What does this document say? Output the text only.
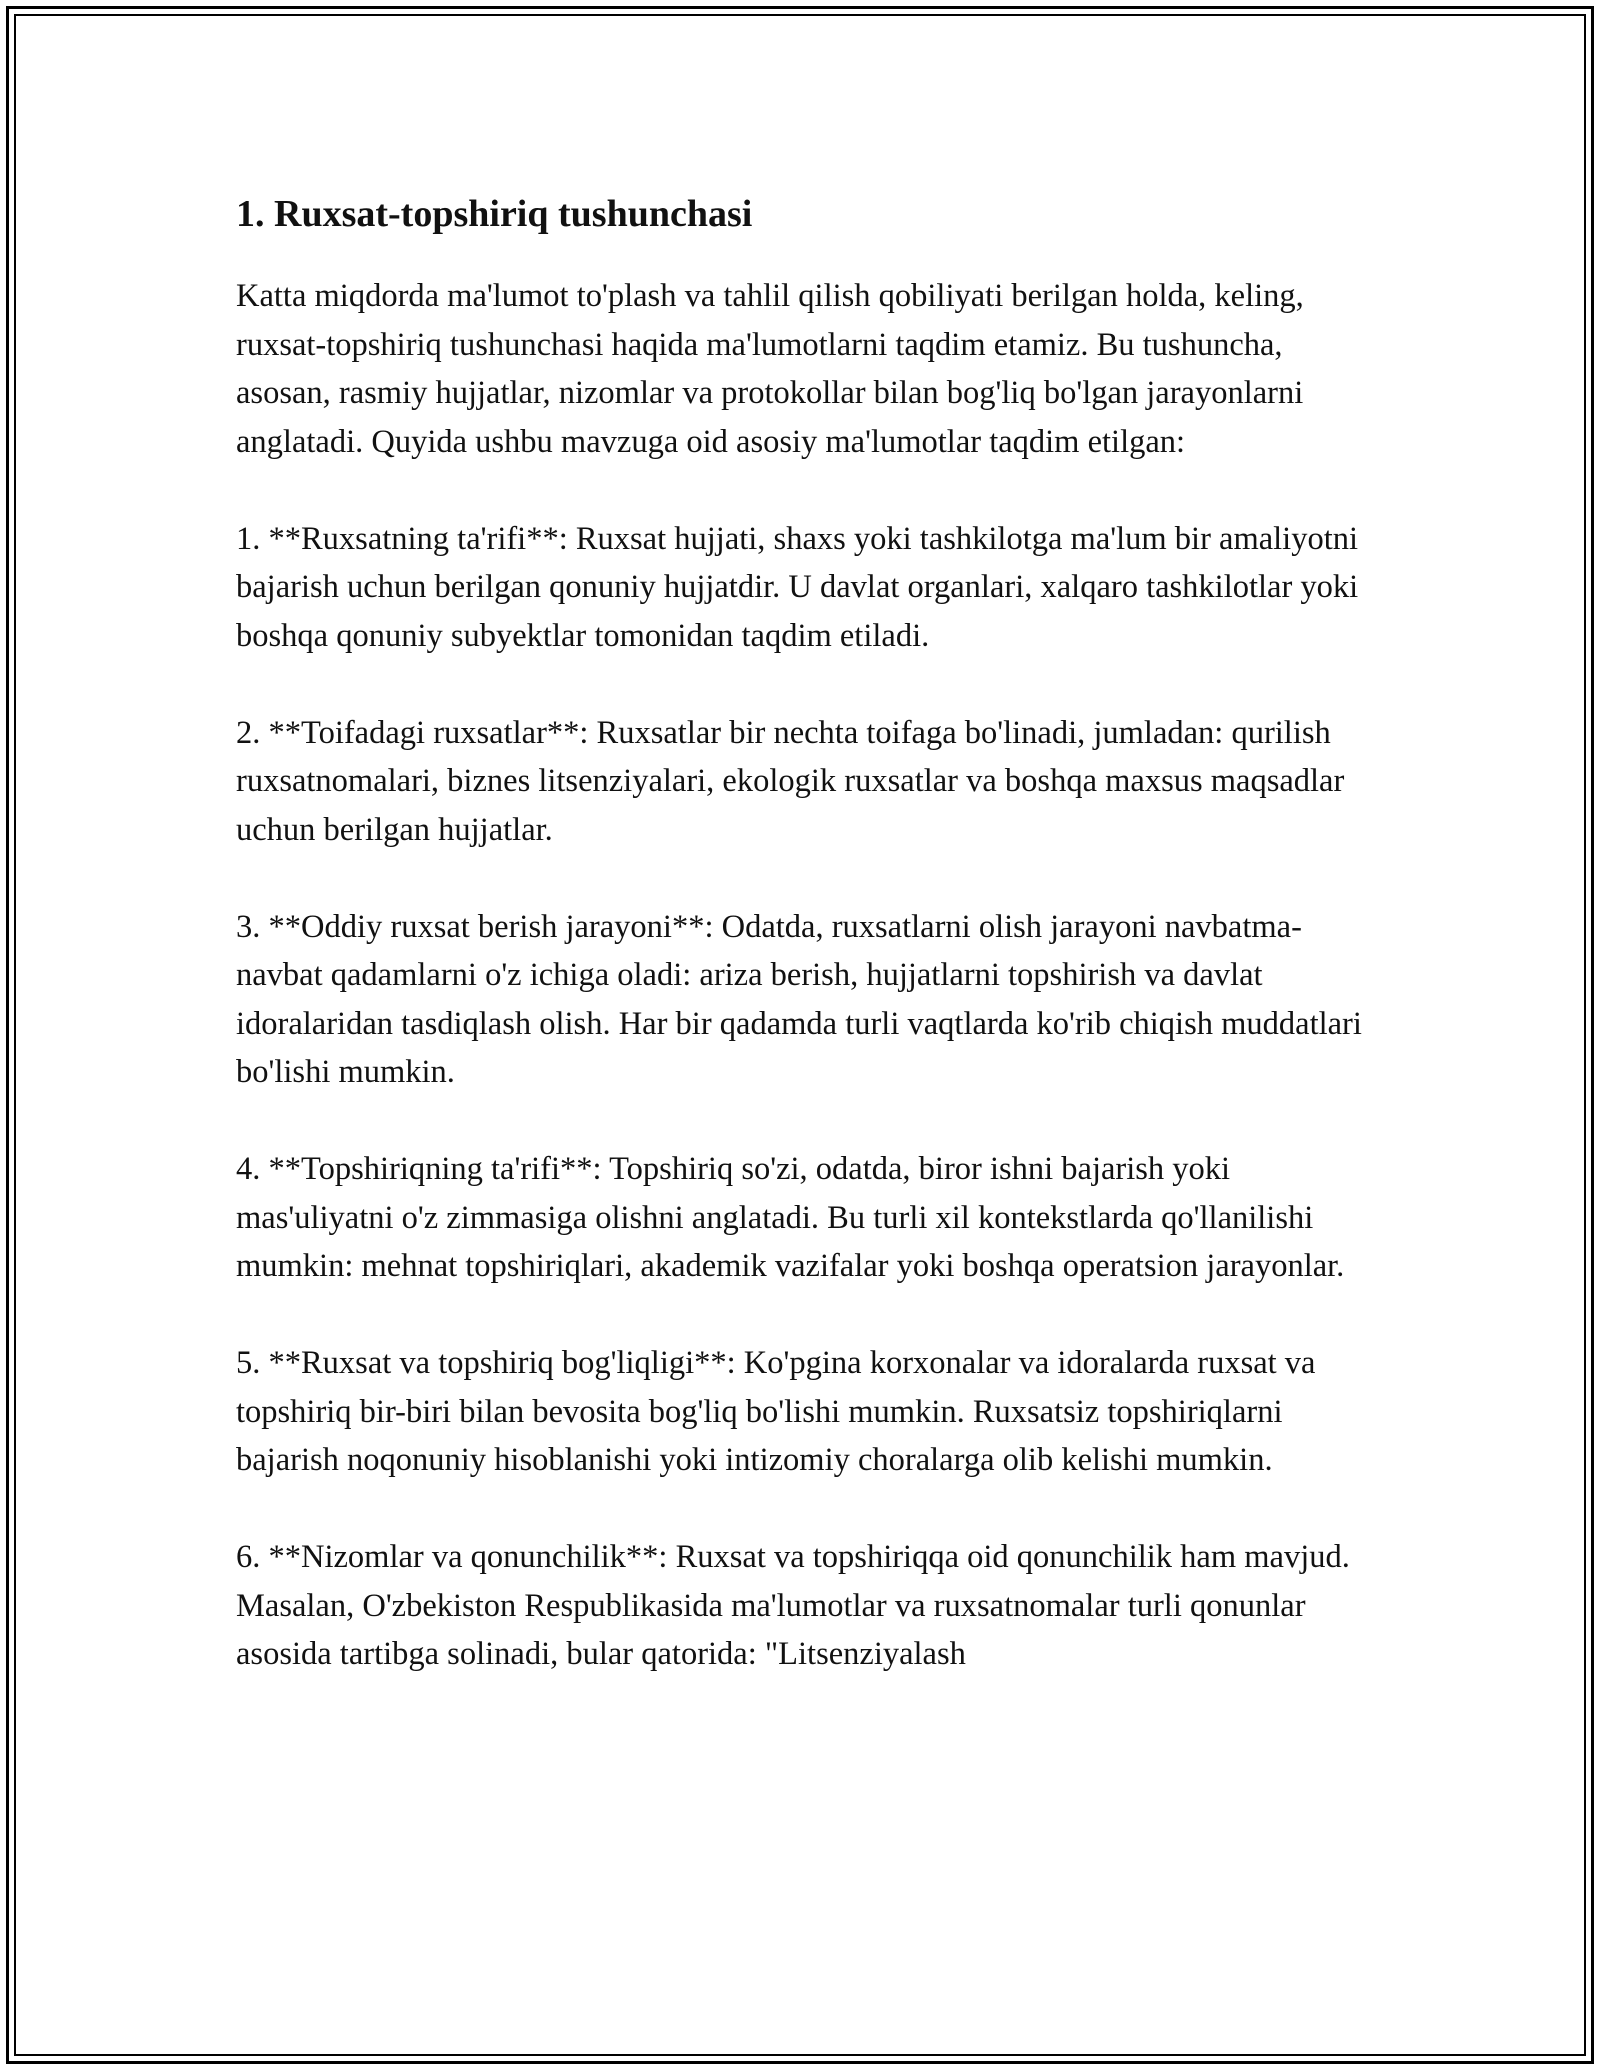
1. Ruxsat-topshiriq tushunchasi

Katta miqdorda ma'lumot to'plash va tahlil qilish qobiliyati berilgan holda, keling, ruxsat-topshiriq tushunchasi haqida ma'lumotlarni taqdim etamiz. Bu tushuncha, asosan, rasmiy hujjatlar, nizomlar va protokollar bilan bog'liq bo'lgan jarayonlarni anglatadi. Quyida ushbu mavzuga oid asosiy ma'lumotlar taqdim etilgan:

1. **Ruxsatning ta'rifi**: Ruxsat hujjati, shaxs yoki tashkilotga ma'lum bir amaliyotni bajarish uchun berilgan qonuniy hujjatdir. U davlat organlari, xalqaro tashkilotlar yoki boshqa qonuniy subyektlar tomonidan taqdim etiladi.

2. **Toifadagi ruxsatlar**: Ruxsatlar bir nechta toifaga bo'linadi, jumladan: qurilish ruxsatnomalari, biznes litsenziyalari, ekologik ruxsatlar va boshqa maxsus maqsadlar uchun berilgan hujjatlar.

3. **Oddiy ruxsat berish jarayoni**: Odatda, ruxsatlarni olish jarayoni navbatma-navbat qadamlarni o'z ichiga oladi: ariza berish, hujjatlarni topshirish va davlat idoralaridan tasdiqlash olish. Har bir qadamda turli vaqtlarda ko'rib chiqish muddatlari bo'lishi mumkin.

4. **Topshiriqning ta'rifi**: Topshiriq so'zi, odatda, biror ishni bajarish yoki mas'uliyatni o'z zimmasiga olishni anglatadi. Bu turli xil kontekstlarda qo'llanilishi mumkin: mehnat topshiriqlari, akademik vazifalar yoki boshqa operatsion jarayonlar.

5. **Ruxsat va topshiriq bog'liqligi**: Ko'pgina korxonalar va idoralarda ruxsat va topshiriq bir-biri bilan bevosita bog'liq bo'lishi mumkin. Ruxsatsiz topshiriqlarni bajarish noqonuniy hisoblanishi yoki intizomiy choralarga olib kelishi mumkin.

6. **Nizomlar va qonunchilik**: Ruxsat va topshiriqqa oid qonunchilik ham mavjud. Masalan, O'zbekiston Respublikasida ma'lumotlar va ruxsatnomalar turli qonunlar asosida tartibga solinadi, bular qatorida: "Litsenziyalash
